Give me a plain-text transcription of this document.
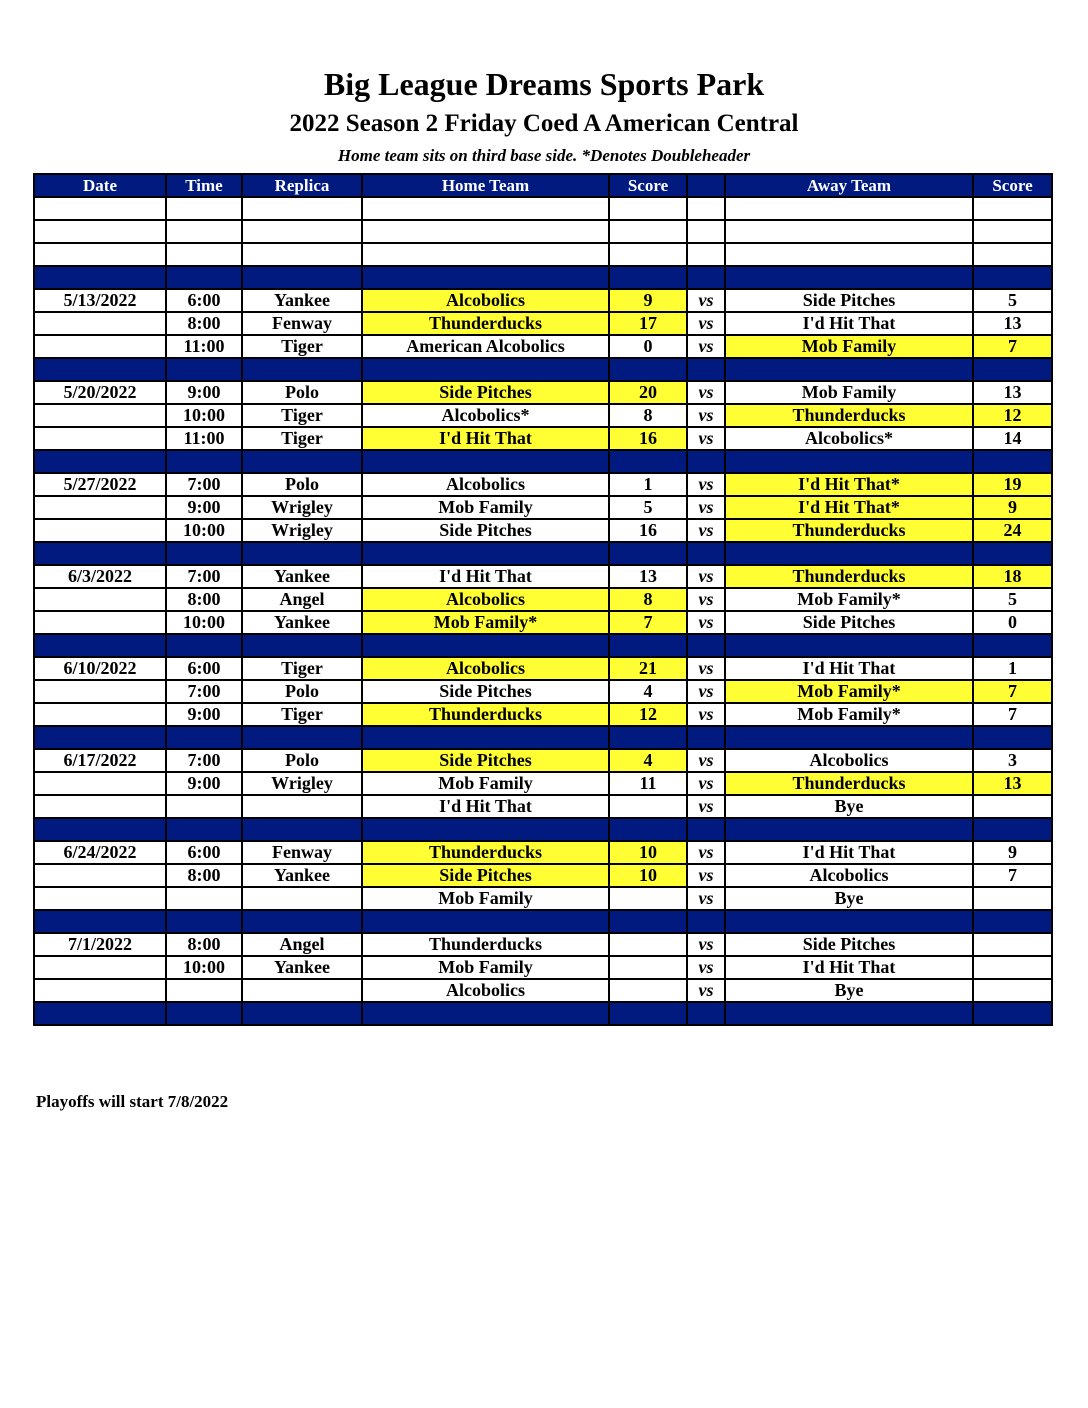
Big League Dreams Sports Park
2022 Season 2 Friday Coed A American Central
Home team sits on third base side. *Denotes Doubleheader
Date	Time	Replica	Home Team	Score		Away Team	Score

5/13/2022	6:00	Yankee	Alcobolics	9	vs	Side Pitches	5
	8:00	Fenway	Thunderducks	17	vs	I'd Hit That	13
	11:00	Tiger	American Alcobolics	0	vs	Mob Family	7

5/20/2022	9:00	Polo	Side Pitches	20	vs	Mob Family	13
	10:00	Tiger	Alcobolics*	8	vs	Thunderducks	12
	11:00	Tiger	I'd Hit That	16	vs	Alcobolics*	14

5/27/2022	7:00	Polo	Alcobolics	1	vs	I'd Hit That*	19
	9:00	Wrigley	Mob Family	5	vs	I'd Hit That*	9
	10:00	Wrigley	Side Pitches	16	vs	Thunderducks	24

6/3/2022	7:00	Yankee	I'd Hit That	13	vs	Thunderducks	18
	8:00	Angel	Alcobolics	8	vs	Mob Family*	5
	10:00	Yankee	Mob Family*	7	vs	Side Pitches	0

6/10/2022	6:00	Tiger	Alcobolics	21	vs	I'd Hit That	1
	7:00	Polo	Side Pitches	4	vs	Mob Family*	7
	9:00	Tiger	Thunderducks	12	vs	Mob Family*	7

6/17/2022	7:00	Polo	Side Pitches	4	vs	Alcobolics	3
	9:00	Wrigley	Mob Family	11	vs	Thunderducks	13
			I'd Hit That		vs	Bye	

6/24/2022	6:00	Fenway	Thunderducks	10	vs	I'd Hit That	9
	8:00	Yankee	Side Pitches	10	vs	Alcobolics	7
			Mob Family		vs	Bye	

7/1/2022	8:00	Angel	Thunderducks		vs	Side Pitches	
	10:00	Yankee	Mob Family		vs	I'd Hit That	
			Alcobolics		vs	Bye	

Playoffs will start 7/8/2022
